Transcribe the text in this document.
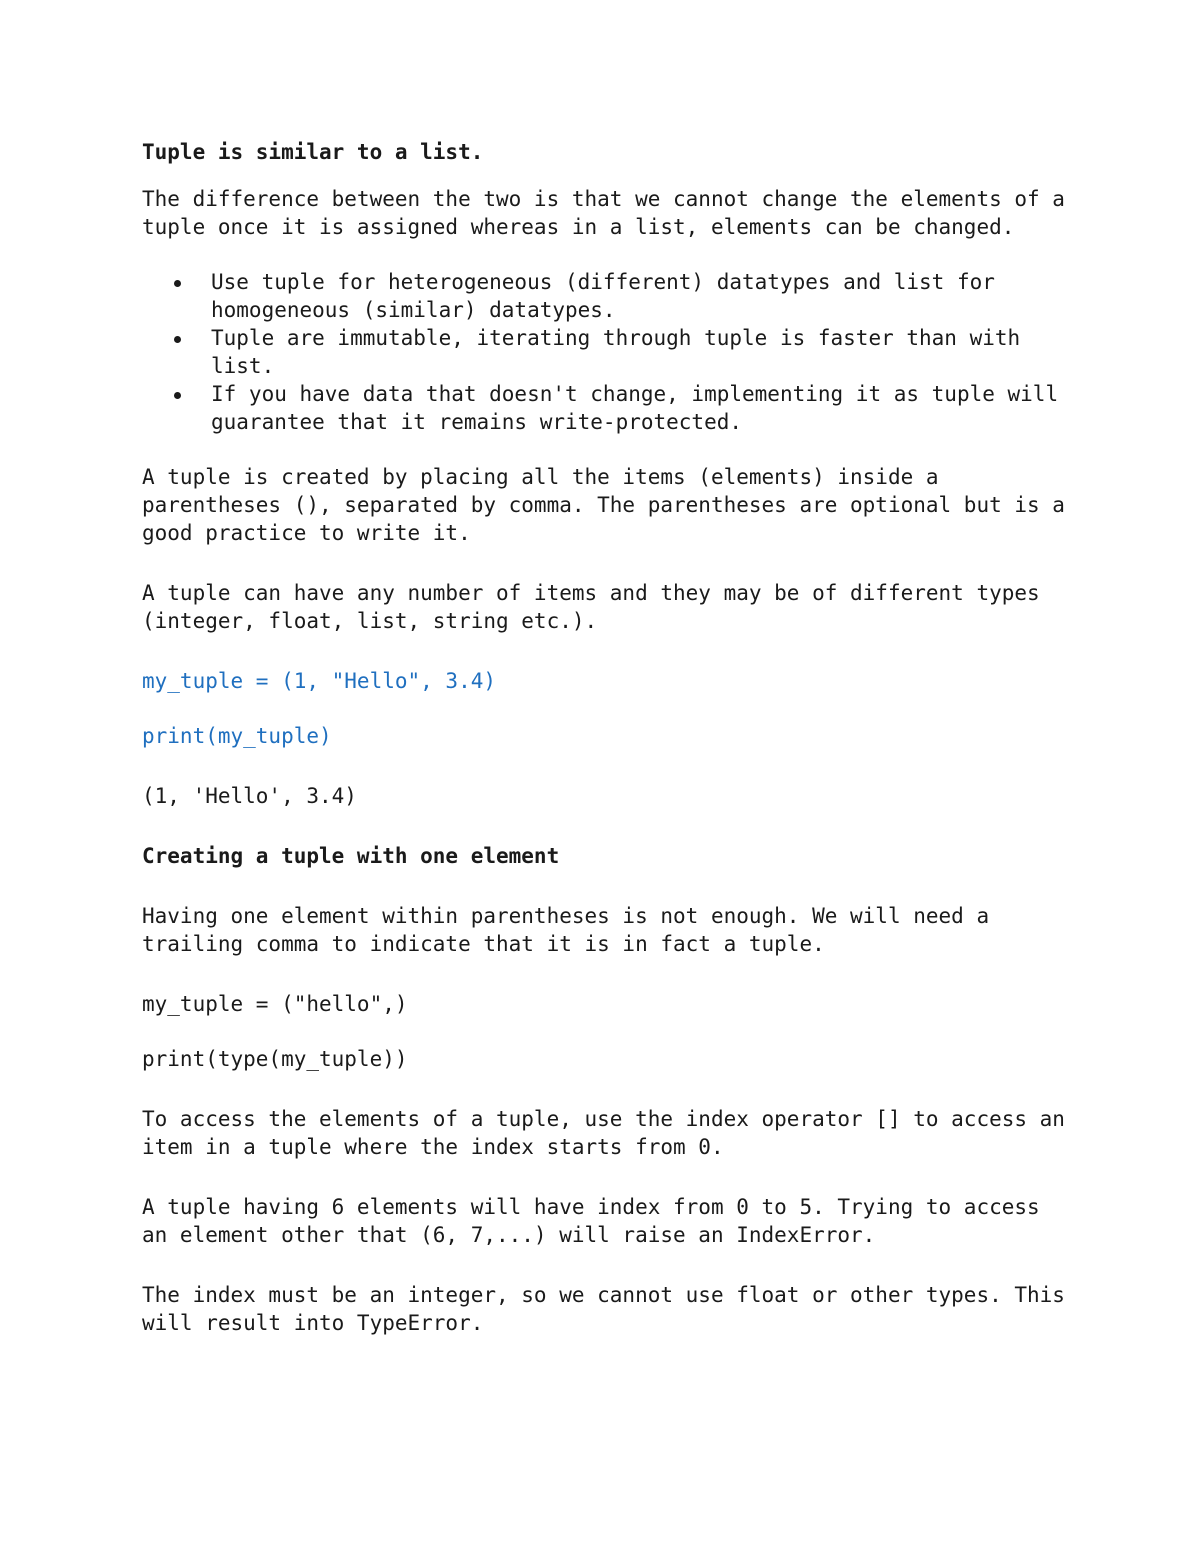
Tuple is similar to a list.

The difference between the two is that we cannot change the elements of a tuple once it is assigned whereas in a list, elements can be changed.

Use tuple for heterogeneous (different) datatypes and list for homogeneous (similar) datatypes.
Tuple are immutable, iterating through tuple is faster than with list.
If you have data that doesn't change, implementing it as tuple will guarantee that it remains write-protected.

A tuple is created by placing all the items (elements) inside a parentheses (), separated by comma. The parentheses are optional but is a good practice to write it.

A tuple can have any number of items and they may be of different types (integer, float, list, string etc.).

my_tuple = (1, "Hello", 3.4)

print(my_tuple)

(1, 'Hello', 3.4)

Creating a tuple with one element

Having one element within parentheses is not enough. We will need a trailing comma to indicate that it is in fact a tuple.

my_tuple = ("hello",)

print(type(my_tuple))

To access the elements of a tuple, use the index operator [] to access an item in a tuple where the index starts from 0.

A tuple having 6 elements will have index from 0 to 5. Trying to access an element other that (6, 7,...) will raise an IndexError.

The index must be an integer, so we cannot use float or other types. This will result into TypeError.
